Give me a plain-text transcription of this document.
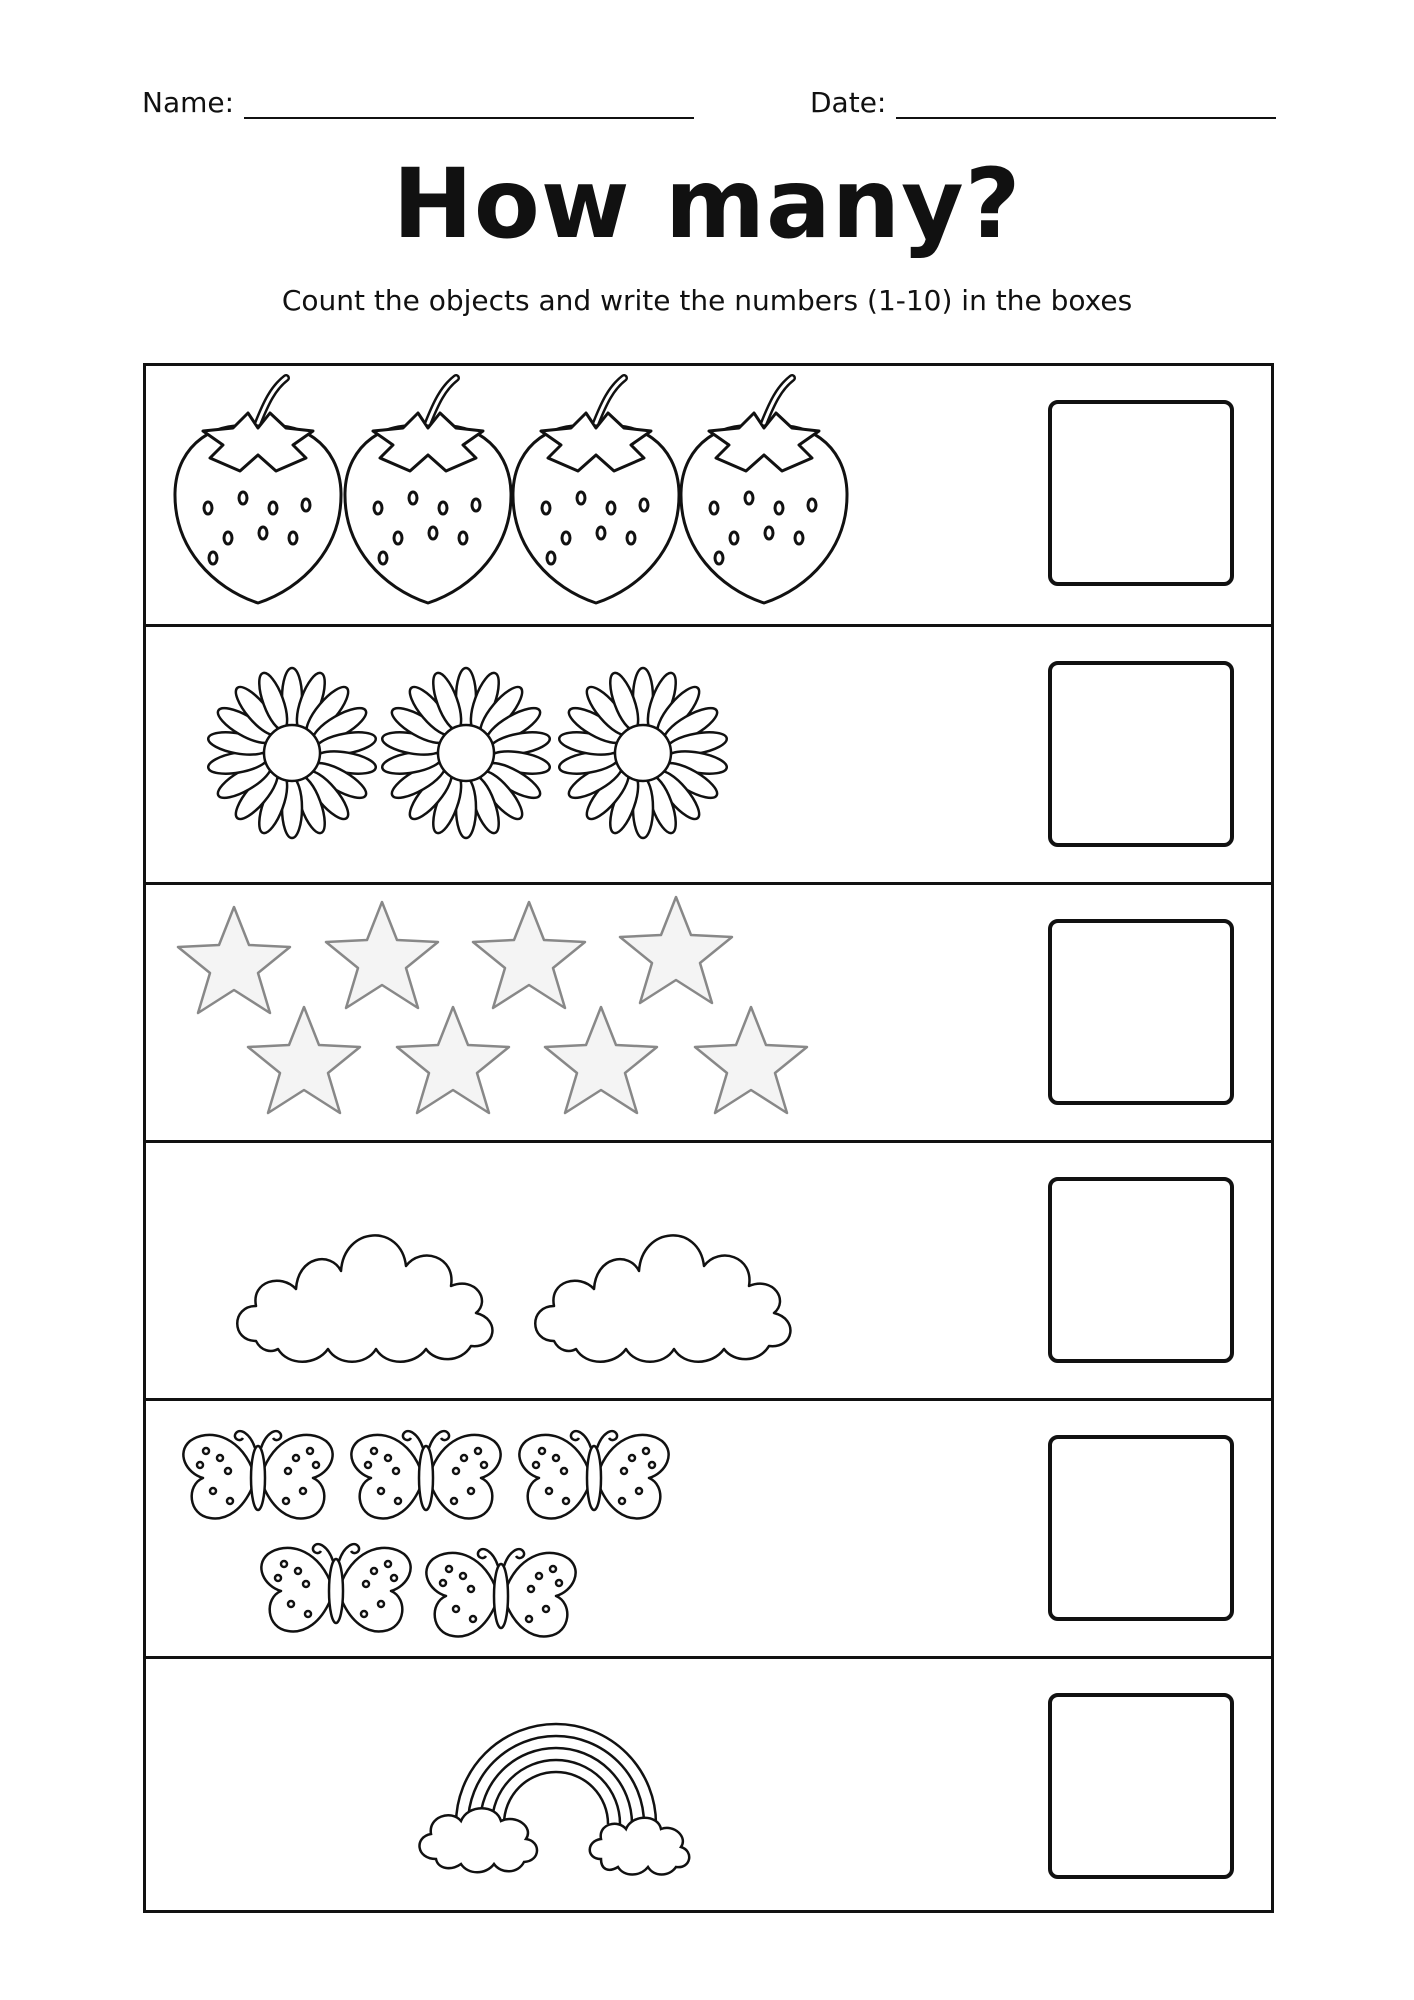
Name:	Date:
How many?
Count the objects and write the numbers (1-10) in the boxes
